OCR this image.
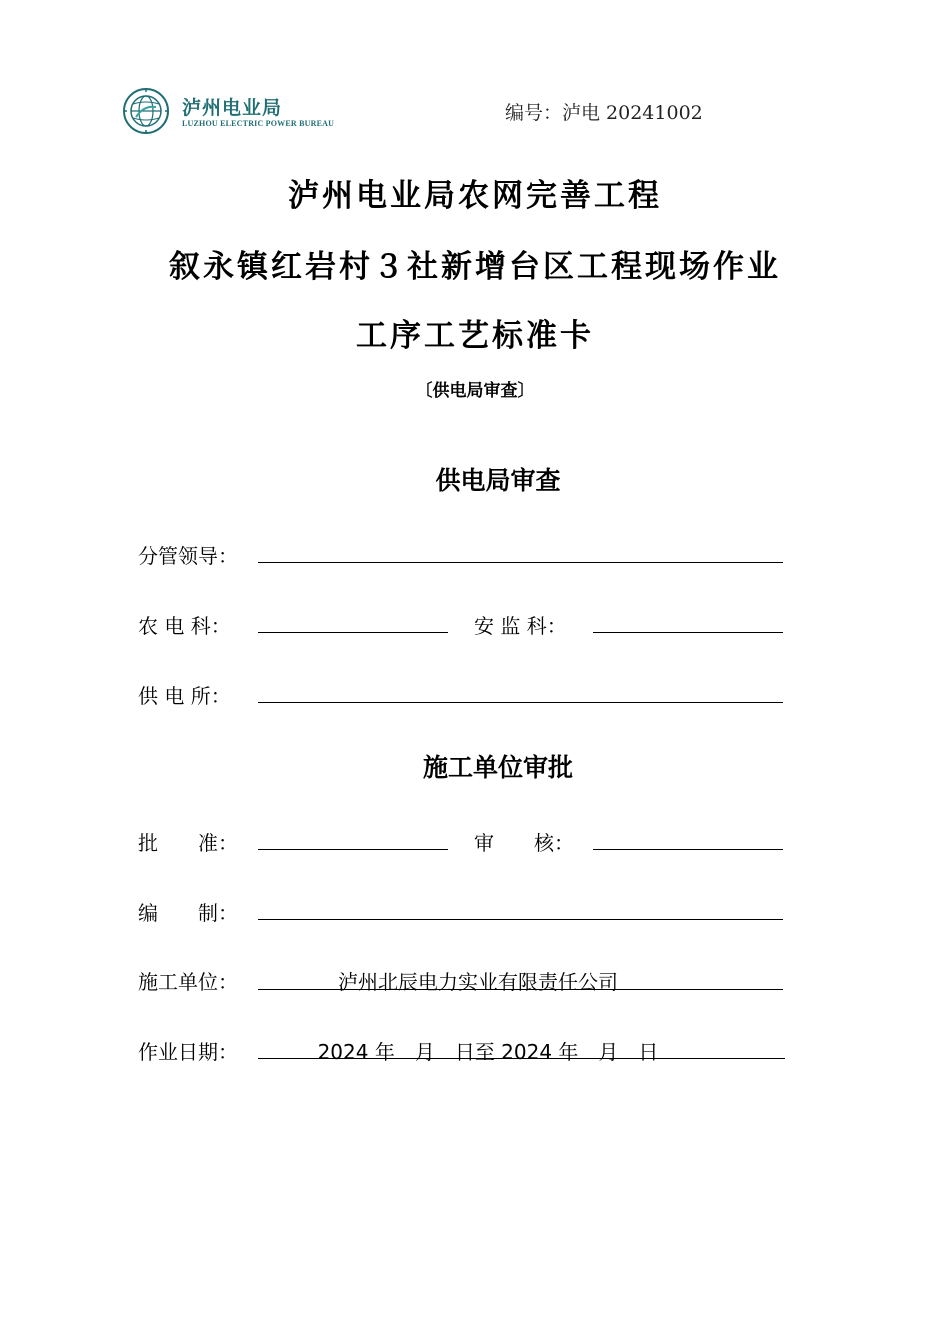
泸州电业局
LUZHOU ELECTRIC POWER BUREAU	编号：泸电 20241002
泸州电业局农网完善工程
叙永镇红岩村３社新增台区工程现场作业
工序工艺标准卡
〔供电局审查〕
供电局审查
分管领导：
农 电 科：	安 监 科：
供 电 所：
施工单位审批
批　　准：	审　　核：
编　　制：
施工单位：	泸州北辰电力实业有限责任公司
作业日期：	2024 年　月　日至 2024 年　月　日
